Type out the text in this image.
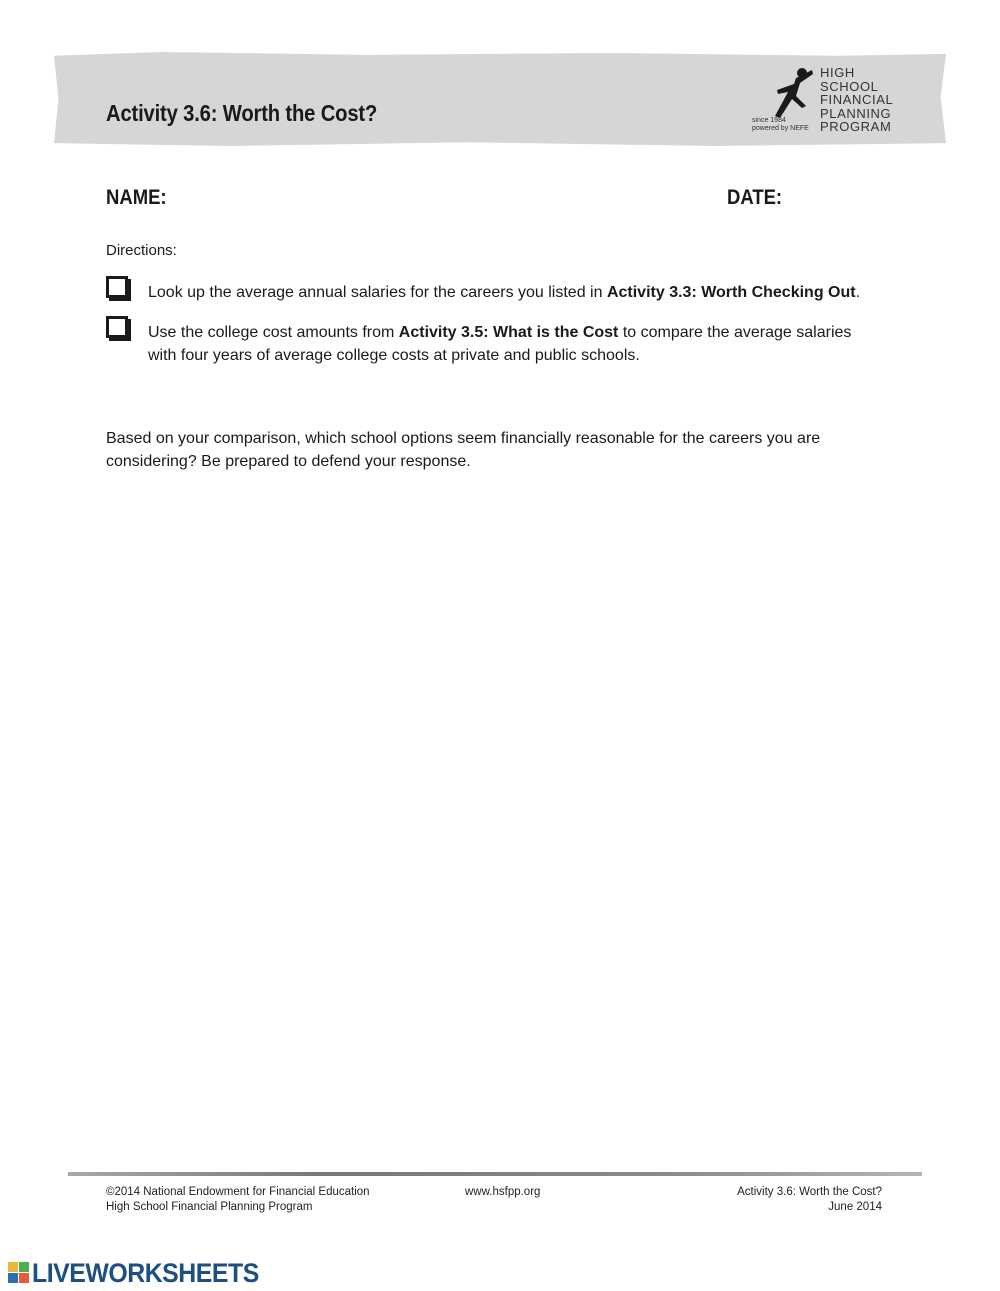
Activity 3.6: Worth the Cost?
HIGH
SCHOOL
FINANCIAL
PLANNING
PROGRAM
since 1984
powered by NEFE
NAME:	DATE:
Directions:
Look up the average annual salaries for the careers you listed in Activity 3.3: Worth Checking Out.
Use the college cost amounts from Activity 3.5: What is the Cost to compare the average salaries with four years of average college costs at private and public schools.
Based on your comparison, which school options seem financially reasonable for the careers you are considering? Be prepared to defend your response.
©2014 National Endowment for Financial Education
High School Financial Planning Program
www.hsfpp.org	Activity 3.6: Worth the Cost?
June 2014
LIVEWORKSHEETS
